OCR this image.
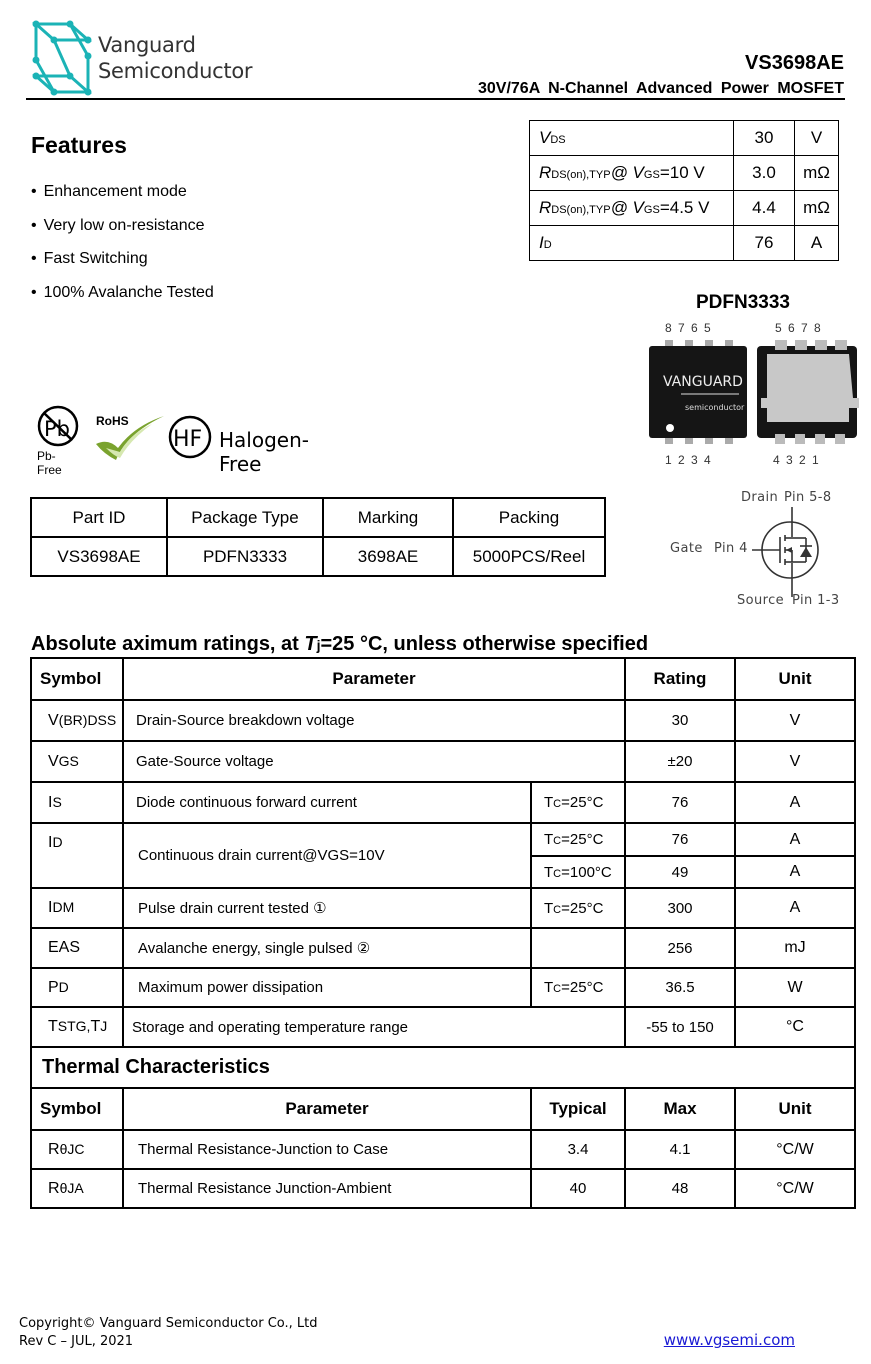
Vanguard
Semiconductor	VS3698AE
30V/76A N-Channel Advanced Power MOSFET
Features
• Enhancement mode
• Very low on-resistance
• Fast Switching
• 100% Avalanche Tested
VDS	30	V
RDS(on),TYP@ VGS=10 V	3.0	mΩ
RDS(on),TYP@ VGS=4.5 V	4.4	mΩ
ID	76	A
PDFN3333
8 7 6 5	5 6 7 8
1 2 3 4	4 3 2 1
VANGUARD
semiconductor
Pb	HF
Pb-Free
RoHS
Halogen-Free
Part ID	Package Type	Marking	Packing
VS3698AE	PDFN3333	3698AE	5000PCS/Reel
Drain Pin 5-8
Gate Pin 4
Source Pin 1-3
Absolute aximum ratings, at Tj=25 °C, unless otherwise specified
Symbol	Parameter		Rating	Unit
V(BR)DSS	Drain-Source breakdown voltage		30	V
VGS	Gate-Source voltage		±20	V
IS	Diode continuous forward current	TC=25°C	76	A
ID	Continuous drain current@VGS=10V	TC=25°C	76	A
		TC=100°C	49	A
IDM	Pulse drain current tested ①	TC=25°C	300	A
EAS	Avalanche energy, single pulsed ②		256	mJ
PD	Maximum power dissipation	TC=25°C	36.5	W
TSTG,TJ	Storage and operating temperature range		-55 to 150	°C
Thermal Characteristics				
Symbol	Parameter	Typical	Max	Unit
RθJC	Thermal Resistance-Junction to Case	3.4	4.1	°C/W
RθJA	Thermal Resistance Junction-Ambient	40	48	°C/W
Copyright© Vanguard Semiconductor Co., Ltd
Rev C – JUL, 2021	www.vgsemi.com
